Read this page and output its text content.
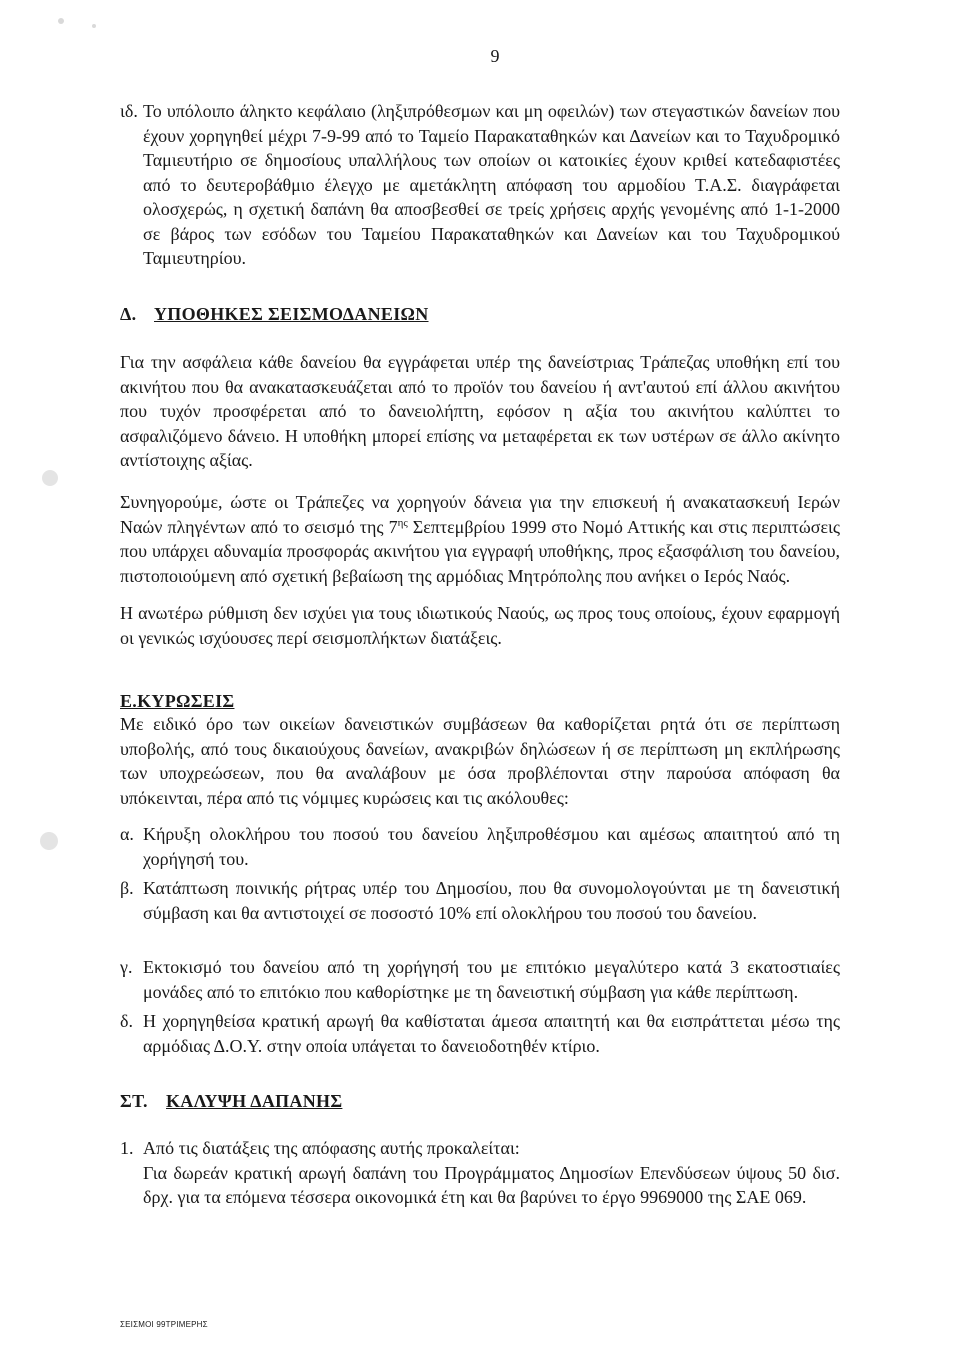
9
ιδ. Το υπόλοιπο άληκτο κεφάλαιο (ληξιπρόθεσμων και μη οφειλών) των στεγαστικών δανείων που έχουν χορηγηθεί μέχρι 7-9-99 από το Ταμείο Παρακαταθηκών και Δανείων και το Ταχυδρομικό Ταμιευτήριο σε δημοσίους υπαλλήλους των οποίων οι κατοικίες έχουν κριθεί κατεδαφιστέες από το δευτεροβάθμιο έλεγχο με αμετάκλητη απόφαση του αρμοδίου Τ.Α.Σ. διαγράφεται ολοσχερώς, η σχετική δαπάνη θα αποσβεσθεί σε τρείς χρήσεις αρχής γενομένης από 1-1-2000 σε βάρος των εσόδων του Ταμείου Παρακαταθηκών και Δανείων και του Ταχυδρομικού Ταμιευτηρίου.
Δ. ΥΠΟΘΗΚΕΣ ΣΕΙΣΜΟΔΑΝΕΙΩΝ
Για την ασφάλεια κάθε δανείου θα εγγράφεται υπέρ της δανείστριας Τράπεζας υποθήκη επί του ακινήτου που θα ανακατασκευάζεται από το προϊόν του δανείου ή αντ'αυτού επί άλλου ακινήτου που τυχόν προσφέρεται από το δανειολήπτη, εφόσον η αξία του ακινήτου καλύπτει το ασφαλιζόμενο δάνειο. Η υποθήκη μπορεί επίσης να μεταφέρεται εκ των υστέρων σε άλλο ακίνητο αντίστοιχης αξίας.
Συνηγορούμε, ώστε οι Τράπεζες να χορηγούν δάνεια για την επισκευή ή ανακατασκευή Ιερών Ναών πληγέντων από το σεισμό της $7^{\eta\varsigma}$ Σεπτεμβρίου 1999 στο Νομό Αττικής και στις περιπτώσεις που υπάρχει αδυναμία προσφοράς ακινήτου για εγγραφή υποθήκης, προς εξασφάλιση του δανείου, πιστοποιούμενη από σχετική βεβαίωση της αρμόδιας Μητρόπολης που ανήκει ο Ιερός Ναός.
Η ανωτέρω ρύθμιση δεν ισχύει για τους ιδιωτικούς Ναούς, ως προς τους οποίους, έχουν εφαρμογή οι γενικώς ισχύουσες περί σεισμοπλήκτων διατάξεις.
Ε.ΚΥΡΩΣΕΙΣ
Με ειδικό όρο των οικείων δανειστικών συμβάσεων θα καθορίζεται ρητά ότι σε περίπτωση υποβολής, από τους δικαιούχους δανείων, ανακριβών δηλώσεων ή σε περίπτωση μη εκπλήρωσης των υποχρεώσεων, που θα αναλάβουν με όσα προβλέπονται στην παρούσα απόφαση θα υπόκεινται, πέρα από τις νόμιμες κυρώσεις και τις ακόλουθες:
α. Κήρυξη ολοκλήρου του ποσού του δανείου ληξιπροθέσμου και αμέσως απαιτητού από τη χορήγησή του.
β. Κατάπτωση ποινικής ρήτρας υπέρ του Δημοσίου, που θα συνομολογούνται με τη δανειστική σύμβαση και θα αντιστοιχεί σε ποσοστό 10% επί ολοκλήρου του ποσού του δανείου.
γ. Εκτοκισμό του δανείου από τη χορήγησή του με επιτόκιο μεγαλύτερο κατά 3 εκατοστιαίες μονάδες από το επιτόκιο που καθορίστηκε με τη δανειστική σύμβαση για κάθε περίπτωση.
δ. Η χορηγηθείσα κρατική αρωγή θα καθίσταται άμεσα απαιτητή και θα εισπράττεται μέσω της αρμόδιας Δ.Ο.Υ. στην οποία υπάγεται το δανειοδοτηθέν κτίριο.
ΣΤ. ΚΑΛΥΨΗ ΔΑΠΑΝΗΣ
1. Από τις διατάξεις της απόφασης αυτής προκαλείται:
Για δωρεάν κρατική αρωγή δαπάνη του Προγράμματος Δημοσίων Επενδύσεων ύψους 50 δισ. δρχ. για τα επόμενα τέσσερα οικονομικά έτη και θα βαρύνει το έργο 9969000 της ΣΑΕ 069.
ΣΕΙΣΜΟΙ 99ΤΡΙΜΕΡΗΣ
